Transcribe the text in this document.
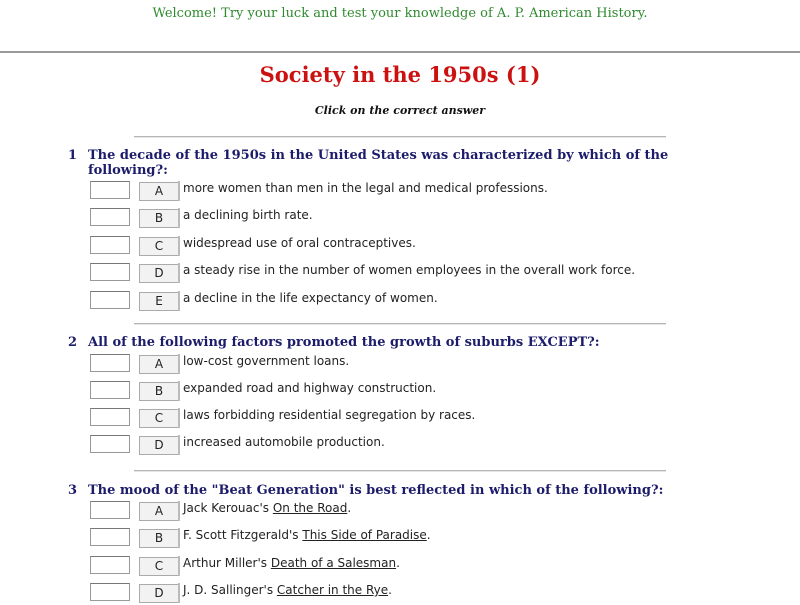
Welcome! Try your luck and test your knowledge of A. P. American History.
Society in the 1950s (1)
Click on the correct answer
1 The decade of the 1950s in the United States was characterized by which of the following?:
A	more women than men in the legal and medical professions.
B	a declining birth rate.
C	widespread use of oral contraceptives.
D	a steady rise in the number of women employees in the overall work force.
E	a decline in the life expectancy of women.
2 All of the following factors promoted the growth of suburbs EXCEPT?:
A	low-cost government loans.
B	expanded road and highway construction.
C	laws forbidding residential segregation by races.
D	increased automobile production.
3 The mood of the "Beat Generation" is best reflected in which of the following?:
A	Jack Kerouac's On the Road.
B	F. Scott Fitzgerald's This Side of Paradise.
C	Arthur Miller's Death of a Salesman.
D	J. D. Sallinger's Catcher in the Rye.
